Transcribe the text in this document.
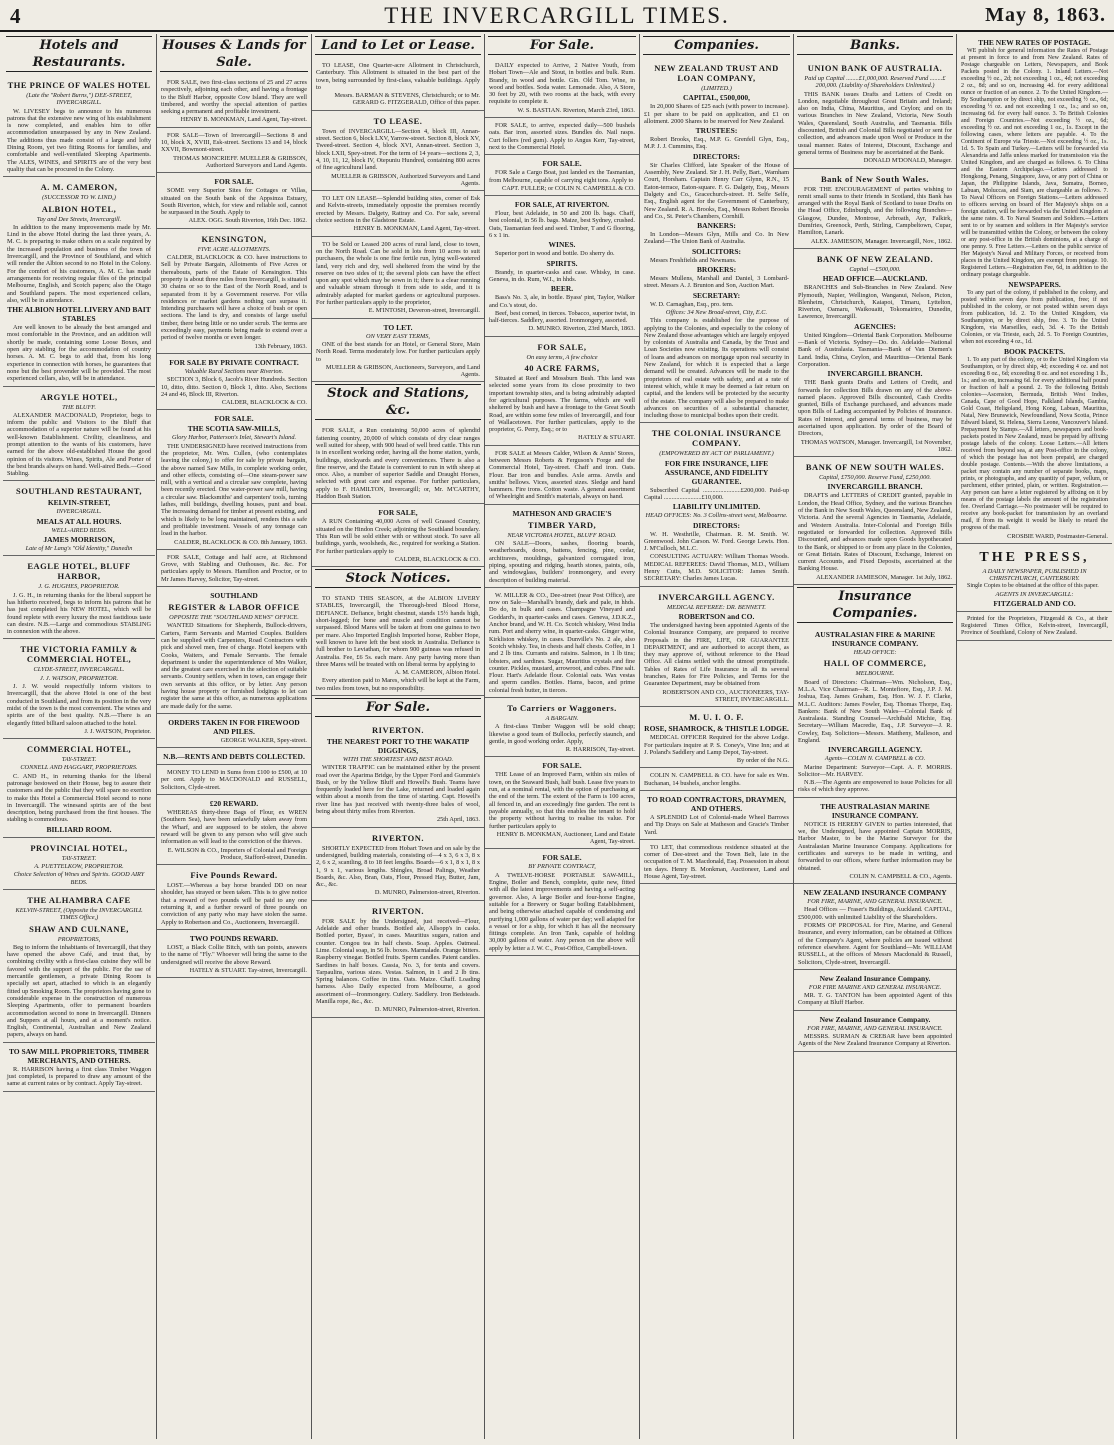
4	THE INVERCARGILL TIMES.	May 8, 1863.
Hotels and Restaurants.
THE PRINCE OF WALES HOTEL
(Late the "Robert Burns,") DEE-STREET, INVERCARGILL.
W. LIVESEY begs to announce to his numerous patrons that the extensive new wing of his establishment is now completed, and enables him to offer accommodation unsurpassed by any in New Zealand. The additions thus made consist of a large and lofty Dining Room, yet two fitting Rooms for families, and comfortable and well-ventilated Sleeping Apartments. The ALES, WINES, and SPIRITS are of the very best quality that can be procured in the Colony.
A. M. CAMERON,
(SUCCESSOR TO W. LIND,)
ALBION HOTEL,
Tay and Dee Streets, Invercargill.
In addition to the many improvements made by Mr. Lind in the above Hotel during the last three years, A. M. C. is preparing to make others on a scale required by the increased population and business of the town of Invercargill, and the Province of Southland, and which will render the Albion second to no Hotel in the Colony. For the comfort of his customers, A. M. C. has made arrangements for receiving regular files of the principal Melbourne, English, and Scotch papers; also the Otago and Southland papers. The most experienced cellars, also, will be in attendance.
THE ALBION HOTEL LIVERY AND BAIT STABLES
Are well known to be already the best arranged and most comfortable in the Province, and an addition will shortly be made, containing some Loose Boxes, and open airy stabling for the accommodation of country horses. A. M. C. begs to add that, from his long experience in connection with horses, he guarantees that none but the best provender will be provided. The most experienced cellars, also, will be in attendance.
ARGYLE HOTEL,
THE BLUFF.
ALEXANDER MACDONALD, Proprietor, begs to inform the public and Visitors to the Bluff that accommodation of a superior nature will be found at his well-known Establishment. Civility, cleanliness, and prompt attention to the wants of his customers, have earned for the above old-established House the good opinion of its visitors. Wines, Spirits, Ale and Porter of the best brands always on hand. Well-aired Beds.—Good Stabling.
SOUTHLAND RESTAURANT,
KELVIN-STREET,
INVERCARGILL.
MEALS AT ALL HOURS.
WELL-AIRED BEDS.
JAMES MORRISON,
Late of Mr Lang's "Old Identity," Dunedin
EAGLE HOTEL, BLUFF HARBOR,
J. G. HUGHES, PROPRIETOR.
J. G. H., in returning thanks for the liberal support he has hitherto received, begs to inform his patrons that he has just completed his NEW HOTEL, which will be found replete with every luxury the most fastidious taste can desire. N.B.—Large and commodious STABLING in connexion with the above.
THE VICTORIA FAMILY & COMMERCIAL HOTEL,
CLYDE-STREET, INVERCARGILL.
J. J. WATSON, PROPRIETOR.
J. J. W. would respectfully inform visitors to Invercargill, that the above Hotel is one of the best conducted in Southland, and from its position in the very midst of the town is the most convenient. The wines and spirits are of the best quality. N.B.—There is an elegantly fitted billiard saloon attached to the hotel.
J. J. WATSON, Proprietor.
COMMERCIAL HOTEL,
TAY-STREET.
CONNELL AND HAGGART, PROPRIETORS.
C. AND H., in returning thanks for the liberal patronage bestowed on their House, beg to assure their customers and the public that they will spare no exertion to make this Hotel a Commercial Hotel second to none in Invercargill. The winesand spirits are of the best description, being purchased from the first houses. The stabling is commodious.
BILLIARD ROOM.
PROVINCIAL HOTEL,
TAY-STREET.
A. PUETTELKOW, PROPRIETOR.
Choice Selection of Wines and Spirits. GOOD AIRY BEDS.
THE ALHAMBRA CAFE
KELVIN-STREET, (Opposite the INVERCARGILL TIMES Office,)
SHAW AND CULNANE,
PROPRIETORS,
Beg to inform the inhabitants of Invercargill, that they have opened the above Café, and trust that, by combining civility with a first-class cuisine they will be favored with the support of the public. For the use of mercantile gentlemen, a private Dining Room is specially set apart, attached to which is an elegantly fitted up Smoking Room. The proprietors having gone to considerable expense in the construction of numerous Sleeping Apartments, offer to permanent boarders accommodation second to none in Invercargill. Dinners and Suppers at all hours, and at a moment's notice. English, Continental, Australian and New Zealand papers, always on hand.
TO SAW MILL PROPRIETORS, TIMBER MERCHANTS, AND OTHERS.
R. HARRISON having a first class Timber Waggon just completed, is prepared to draw any amount of the same at current rates or by contract. Apply Tay-street.
Houses & Lands for Sale.
FOR SALE, two first-class sections of 25 and 27 acres respectively, adjoining each other, and having a frontage to the Bluff Harbor, opposite Cow Island. They are well timbered, and worthy the special attention of parties seeking a permanent and profitable investment.
HENRY B. MONKMAN, Land Agent, Tay-street.
FOR SALE—Town of Invercargill—Sections 8 and 10, block X, XVIII, Esk-street. Sections 13 and 14, block XXVII, Bowmont-street.
THOMAS MONCRIEFF. MUELLER & GRIBSON, Authorized Surveyors and Land Agents.
FOR SALE.
SOME very Superior Sites for Cottages or Villas, situated on the South bank of the Appsinza Estuary, South Riverton, which, for view and reliable soil, cannot be surpassed in the South. Apply to
ALEX. OGG. South Riverton, 16th Dec. 1862.
KENSINGTON,
FIVE ACRE ALLOTMENTS.
CALDER, BLACKLOCK & CO. have instructions to Sell by Private Bargain, Allotments of Five Acres or thereabouts, parts of the Estate of Kensington. This property is about three miles from Invercargill, is situated 30 chains or so to the East of the North Road, and is separated from it by a Government reserve. For villa residences or market gardens nothing can surpass it. Intending purchasers will have a choice of bush or open sections. The land is dry, and consists of large useful timber, there being little or no under scrub. The terms are exceedingly easy, payments being made to extend over a period of twelve months or even longer.
13th February, 1863.
FOR SALE BY PRIVATE CONTRACT.
Valuable Rural Sections near Riverton.
SECTION 3, Block 6, Jacob's River Hundreds. Section 10, ditto, ditto. Section 0, Block 1, ditto. Also, Sections 24 and 46, Block III, Riverton.
CALDER, BLACKLOCK & CO.
FOR SALE.
THE SCOTIA SAW-MILLS,
Glory Harbor, Patterson's Inlet, Stewart's Island.
THE UNDERSIGNED have received instructions from the proprietor, Mr. Wm. Cullen, (who contemplates leaving the colony,) to offer for sale by private bargain, the above named Saw Mills, in complete working order, and other effects, consisting of—One steam-power saw mill, with a vertical and a circular saw complete, having been recently erected. One water-power saw mill, having a circular saw. Blacksmiths' and carpenters' tools, turning lathes, mill buildings, dwelling houses, punt and boat. The increasing demand for timber at present existing, and which is likely to be long maintained, renders this a safe and profitable investment. Vessels of any tonnage can load in the harbor.
CALDER, BLACKLOCK & CO. 8th January, 1863.
FOR SALE, Cottage and half acre, at Richmond Grove, with Stabling and Outhouses, &c. &c. For particulars apply to Messrs. Hamilton and Proctor, or to Mr James Harvey, Solicitor, Tay-street.
SOUTHLAND
REGISTER & LABOR OFFICE
OPPOSITE THE "SOUTHLAND NEWS" OFFICE.
WANTED Situations for Shepherds, Bullock-drivers, Carters, Farm Servants and Married Couples. Builders can be supplied with Carpenters, Road Contractors with pick and shovel men, free of charge. Hotel keepers with Cooks, Waiters, and Female Servants. The female department is under the superintendence of Mrs Walker, and the greatest care exercised in the selection of suitable servants. Country settlers, when in town, can engage their own servants at this office, or by letter. Any person having house property or furnished lodgings to let can register the same at this office, as numerous applications are made daily for the same.
ORDERS TAKEN IN FOR FIREWOOD AND PILES.
GEORGE WALKER, Spey-street.
N.B.—RENTS AND DEBTS COLLECTED.
MONEY TO LEND in Sums from £100 to £500, at 10 per cent. Apply to MACDONALD and RUSSELL, Solicitors, Clyde-street.
£20 REWARD.
WHEREAS thirty-three Bags of Flour, ex WREN (Southern Sea), have been unlawfully taken away from the Wharf, and are supposed to be stolen, the above reward will be given to any person who will give such information as will lead to the conviction of the thieves.
E. WILSON & CO., Importers of Colonial and Foreign Produce, Stafford-street, Dunedin.
Five Pounds Reward.
LOST.—Whereas a bay horse branded DD on near shoulder, has strayed or been taken. This is to give notice that a reward of two pounds will be paid to any one returning it, and a further reward of three pounds on conviction of any party who may have stolen the same. Apply to Robertson and Co., Auctioneers, Invercargill.
TWO POUNDS REWARD.
LOST, a Black Collie Bitch, with tan points, answers to the name of "Fly." Whoever will bring the same to the undersigned will receive the above Reward.
HATELY & STUART. Tay-street, Invercargill.
Land to Let or Lease.
TO LEASE, One Quarter-acre Allotment in Christchurch, Canterbury. This Allotment is situated in the best part of the town, being surrounded by first-class, valuable buildings. Apply to
Messrs. BARMAN & STEVENS, Christchurch; or to Mr. GERARD G. FITZGERALD, Office of this paper.
TO LEASE.
Town of INVERCARGILL—Section 4, block III, Annan-street. Section 6, block LXV, Yarrow-street. Section 8, block XV, Tweed-street. Section 4, block XVI, Annan-street. Section 3, block LXII, Spey-street. For the term of 14 years—sections 2, 3, 4, 10, 11, 12, block IV, Otepuniu Hundred, containing 800 acres of fine agricultural land.
MUELLER & GRIBSON, Authorized Surveyors and Land Agents.
TO LET ON LEASE—Splendid building sites, corner of Esk and Kelvin-streets, immediately opposite the premises recently erected by Messrs. Dalgety, Rattray and Co. For sale, several choice sections in the Gladstone Estate.
HENRY B. MONKMAN, Land Agent, Tay-street.
TO be Sold or Leased 200 acres of rural land, close to town, on the North Road. Can be sold in lots from 10 acres to suit purchasers, the whole is one fine fertile run, lying well-watered land, very rich and dry, well sheltered from the wind by the reserve on two sides of it; the several plots can have the effect upon any spot which may be sown in it; there is a clear running and valuable stream through it from side to side, and it is admirably adapted for market gardens or agricultural purposes. For further particulars apply to the proprietor,
E. M'INTOSH, Deveron-street, Invercargill.
TO LET.
ON VERY EASY TERMS,
ONE of the best stands for an Hotel, or General Store, Main North Road. Terms moderately low. For further particulars apply to
MUELLER & GRIBSON, Auctioneers, Surveyors, and Land Agents.
Stock and Stations, &c.
FOR SALE, a Run containing 50,000 acres of splendid fattening country, 20,000 of which consists of dry clear ranges well suited for sheep, with 900 head of well bred cattle. This run is in excellent working order, having all the home station, yards, buildings, stockyards and every conveniences. There is also a fine reserve, and the Estate is convenient to run in with sheep at once. Also, a number of superior Saddle and Draught Horses, selected with great care and expense. For further particulars, apply to F. HAMILTON, Invercargill; or, Mr. M'CARTHY, Haddon Bush Station.
FOR SALE,
A RUN Containing 40,000 Acres of well Grassed Country, situated on the Hindon Creek; adjoining the Southland boundary. This Run will be sold either with or without stock. To save all buildings, yards, woolsheds, &c., required for working a Station. For further particulars apply to
CALDER, BLACKLOCK & CO.
Stock Notices.
TO STAND THIS SEASON, at the ALBION LIVERY STABLES, Invercargill, the Thorough-bred Blood Horse, DEFIANCE. Defiance, bright chestnut, stands 15½ hands high, short-legged; for bone and muscle and condition cannot be surpassed. Blood Mares will be taken at from one guinea to two per mare. Also Imported English Imported horse, Rubber Hope, well known to have left the best stock in Australia. Defiance is full brother to Leviathan, for whom 900 guineas was refused in Australia. Fee, £6 5s. each mare. Any party having more than three Mares will be treated with on liberal terms by applying to
A. M. CAMERON, Albion Hotel.
Every attention paid to Mares, which will be kept at the Farm, two miles from town, but no responsibility.
For Sale.
RIVERTON.
THE NEAREST PORT TO THE WAKATIP DIGGINGS,
WITH THE SHORTEST AND BEST ROAD.
WINTER TRAFFIC can be maintained either by the present road over the Aparima Bridge, by the Upper Ford and Gummie's Bush, or by the Yellow Bluff and Howell's Bush. Teams have frequently loaded here for the Lake, returned and loaded again within about a month from the time of starting. Capt. Howell's river line has just received with twenty-three bales of wool, being about thirty miles from Riverton.
25th April, 1863.
RIVERTON.
SHORTLY EXPECTED from Hobart Town and on sale by the undersigned, building materials, consisting of—4 x 3, 6 x 3, 8 x 2, 6 x 2, scantling, 8 to 18 feet lengths. Boards—6 x 1, 8 x 1, 8 x 1, 9 x 1, various lengths. Shingles, Broad Palings, Weather Boards, &c. Also, Bran, Oats, Flour, Pressed Hay, Butter, Jam, &c., &c.
D. MUNRO, Palmerston-street, Riverton.
RIVERTON.
FOR SALE by the Undersigned, just received—Flour, Adelaide and other brands. Bottled ale, Allsopp's in casks. Bottled porter, Byass', in cases. Mauritius sugars, ration and counter. Congou tea in half chests. Soap. Apples. Oatmeal. Lime. Colonial soap, in 56 lb. boxes. Marmalade. Orange bitters. Raspberry vinegar. Bottled fruits. Sperm candles. Patent candles. Sardines in half boxes. Cassia, No. 3, for tents and covers. Tarpaulins, various sizes. Vestas. Salmon, in 1 and 2 lb tins. Spring balances. Coffee in tins. Oats. Maize. Chaff. Loading harness. Also Daily expected from Melbourne, a good assortment of—Ironmongery. Cutlery. Saddlery. Iron Bedsteads. Manilla rope, &c., &c.
D. MUNRO, Palmerston-street, Riverton.
For Sale.
DAILY expected to Arrive, 2 Native Youth, from Hobart Town—Ale and Stout, in bottles and bulk. Rum. Brandy, in wood and bottle. Gin. Old Tom. Wine, in wood and bottles. Soda water. Lemonade. Also, A Store, 30 feet by 20, with two rooms at the back, with every requisite to complete it.
W. S. BASTIAN. Riverton, March 23rd, 1863.
FOR SALE, to arrive, expected daily—500 bushels oats. Bar iron, assorted sizes. Bundles do. Nail rasps. Curt follers (red gum). Apply to Angus Kerr, Tay-street, next to the Commercial Hotel.
FOR SALE.
FOR Sale a Cargo Boat, just landed ex the Tasmanian, from Melbourne, capable of carrying eight tons. Apply to
CAPT. FULLER; or COLIN N. CAMPBELL & CO.
FOR SALE, AT RIVERTON.
Flour, best Adelaide, in 50 and 200 lb. bags. Chaff, best colonial, in 56 lb. bags. Maize, best Sydney, crushed. Oats, Tasmanian feed and seed. Timber, T and G flooring, 6 x 1 in.
WINES.
Superior port in wood and bottle. Do sherry do.
SPIRITS.
Brandy, in quarter-casks and case. Whisky, in case. Geneva, in do. Rum, W.I., in hhds.
BEER.
Bass's No. 3, ale, in bottle. Byass' pint, Taylor, Walker and Co.'s stout, do.
Beef, best corned, in tierces. Tobacco, superior twist, in half-tierces. Saddlery, assorted. Ironmongery, assorted.
D. MUNRO. Riverton, 23rd March, 1863.
FOR SALE,
On easy terms, A few choice
40 ACRE FARMS,
Situated at Reef and Mossburn Bush. This land was selected some years from its close proximity to two important township sites, and is being admirably adapted for agricultural purposes. The farms, which are well sheltered by bush and have a frontage to the Great South Road, are within some few miles of Invercargill, and four of Wallacetown. For further particulars, apply to the proprietor, G. Perry, Esq.; or to
HATELY & STUART.
FOR SALE at Messrs Calder, Wilson & Annis' Stores, between Messrs Roberts & Ferguson's Forge and the Commercial Hotel, Tay-street. Chaff and iron. Oats. Flour. Bar iron and bundles. Axle arms. Anvils and smiths' bellows. Vices, assorted sizes. Sledge and hand hammers. Fire irons. Cotton waste. A general assortment of Wheelright and Smith's materials, always on hand.
MATHESON AND GRACIE'S
TIMBER YARD,
NEAR VICTORIA HOTEL, BLUFF ROAD.
ON SALE—Doors, sashes, flooring boards, weatherboards, doors, battens, fencing, pine, cedar, architraves, mouldings, galvanized corrugated iron, piping, spouting and ridging, hearth stones, paints, oils, and windowglass, builders' ironmongery, and every description of building material.
W. MILLER & CO., Dee-street (near Post Office), are now on Sale—Marshall's brandy, dark and pale, in hhds. Do do, in bulk and cases. Champagne Vineyard and Goddard's, in quarter-casks and cases. Geneva, J.D.K.Z., Anchor brand, and W. H. Co. Scotch whiskey, West India rum. Port and sherry wine, in quarter-casks. Ginger wine, Kirkliston whiskey, in cases. Dunville's No. 2 ale, also Scotch whisky. Tea, in chests and half chests. Coffee, in 1 and 2 lb tins. Currants and raisins. Salmon, in 1 lb tins; lobsters, and sardines. Sugar, Mauritius crystals and fine counter. Pickles, mustard, arrowroot, and cubes. Fine salt. Flour. Hart's Adelaide flour. Colonial oats. Wax vestas and sperm candles. Bottles. Hams, bacon, and prime colonial fresh butter, in tierces.
To Carriers or Waggoners.
A BARGAIN.
A first-class Timber Waggon will be sold cheap; likewise a good team of Bullocks, perfectly staunch, and gentle, in good working order. Apply,
R. HARRISON, Tay-street.
FOR SALE.
THE Lease of an Improved Farm, within six miles of town, on the Seaward Bush, half bush. Lease five years to run, at a nominal rental, with the option of purchasing at the end of the term. The extent of the Farm is 100 acres, all fenced in, and an exceedingly fine garden. The rent is payable annually, so that this enables the tenant to hold the property without having to realise its value. For further particulars apply to
HENRY B. MONKMAN, Auctioneer, Land and Estate Agent, Tay-street.
FOR SALE.
BY PRIVATE CONTRACT,
A TWELVE-HORSE PORTABLE SAW-MILL, Engine, Boiler and Bench, complete, quite new, fitted with all the latest improvements and having a self-acting governor. Also, A large Boiler and four-horse Engine, suitable for a Brewery or Sugar boiling Establishment, and being otherwise attached capable of condensing and purifying 1,000 gallons of water per day; well adapted for a vessel or for a ship, for which it has all the necessary fittings complete. An Iron Tank, capable of holding 30,000 gallons of water. Any person on the above will apply by letter a J. W. C., Post-Office, Campbell-town.
Companies.
NEW ZEALAND TRUST AND LOAN COMPANY,
(LIMITED.)
CAPITAL, £500,000,
In 20,000 Shares of £25 each (with power to increase). £1 per share to be paid on application, and £1 on allotment. 2000 Shares to be reserved for New Zealand.
TRUSTEES:
Robert Brooks, Esq., M.P. G. Grenfell Glyn, Esq., M.P. J. J. Cummins, Esq.
DIRECTORS:
Sir Charles Clifford, late Speaker of the House of Assembly, New Zealand. Sir J. H. Pelly, Bart., Warnham Court, Horsham. Captain Henry Carr Glynn, R.N., 15 Eaton-terrace, Eaton-square. F. G. Dalgety, Esq., Messrs Dalgety and Co., Gracechurch-street. H. Selfe Selfe, Esq., English agent for the Government of Canterbury, New Zealand. R. A. Brooks, Esq., Messrs Robert Brooks and Co., St. Peter's Chambers, Cornhill.
BANKERS:
In London—Messrs Glyn, Mills and Co. In New Zealand—The Union Bank of Australia.
SOLICITORS:
Messrs Freshfields and Newmans.
BROKERS:
Messrs Mullens, Marshall and Daniel, 3 Lombard-street. Messrs A. J. Brunton and Son, Auction Mart.
SECRETARY:
W. D. Carnaghan, Esq., pro. tem.
Offices: 34 New Broad-street, City, E.C.
This company is established for the purpose of applying to the Colonies, and especially to the colony of New Zealand those advantages which are largely enjoyed by colonists of Australia and Canada, by the Trust and Loan Societies now existing. Its operations will consist of loans and advances on mortgage upon real security in New Zealand, for which it is expected that a large demand will be created. Advances will be made to the proprietors of real estate with safety, and at a rate of interest which, while it may be deemed a fair return on capital, and the lenders will be protected by the security of the estate. The company will also be prepared to make advances on securities of a substantial character, including those to municipal bodies upon their credit.
THE COLONIAL INSURANCE COMPANY.
(EMPOWERED BY ACT OF PARLIAMENT.)
FOR FIRE INSURANCE, LIFE ASSURANCE, AND FIDELITY GUARANTEE.
Subscribed Capital ........................£200,000. Paid-up Capital ........................£10,000.
LIABILITY UNLIMITED.
HEAD OFFICES: No. 3 Collins-street west, Melbourne.
DIRECTORS:
W. H. Westhrille, Chairman. R. M. Smith. W. Greenwood. John Carson. W. Ford. George Lewis. Hon. J. M'Culloch, M.L.C.
CONSULTING ACTUARY: William Thomas Woods. MEDICAL REFEREES: David Thomas, M.D., William Henry Cutts, M.D. SOLICITOR: James Smith. SECRETARY: Charles James Lucas.
INVERCARGILL AGENCY.
MEDICAL REFEREE: DR. BENNETT.
ROBERTSON and CO.
The undersigned having been appointed Agents of the Colonial Insurance Company, are prepared to receive Proposals in the FIRE, LIFE, OR GUARANTEE DEPARTMENT, and are authorised to accept them, as they may approve of, without reference to the Head Office. All claims settled with the utmost promptitude. Tables of Rates of Life Insurance in all its several branches, Rates for Fire Policies, and Terms for the Guarantee Department, may be obtained from
ROBERTSON AND CO., AUCTIONEERS, TAY-STREET, INVERCARGILL.
M. U. I. O. F.
ROSE, SHAMROCK, & THISTLE LODGE.
MEDICAL OFFICER Required for the above Lodge. For particulars inquire at P. S. Coney's, Vine Inn; and at J. Poland's Saddlery and Lamp Depot, Tay-street.
By order of the N.G.
COLIN N. CAMPBELL & CO. have for sale ex Wm. Buchanan, 14 bushels, anchor lengths.
TO ROAD CONTRACTORS, DRAYMEN, AND OTHERS.
A SPLENDID Lot of Colonial-made Wheel Barrows and Tip Drays on Sale at Matheson and Gracie's Timber Yard.
TO LET, that commodious residence situated at the corner of Dee-street and the Town Belt, late in the occupation of T. M. Macdonald, Esq. Possession in about ten days. Henry B. Monkman, Auctioneer, Land and House Agent, Tay-street.
Banks.
UNION BANK OF AUSTRALIA.
Paid up Capital ........£1,000,000. Reserved Fund ........£ 200,000. (Liability of Shareholders Unlimited.)
THIS BANK issues Drafts and Letters of Credit on London, negotiable throughout Great Britain and Ireland; also on India, China, Mauritius, and Ceylon; and on its various Branches in New Zealand, Victoria, New South Wales, Queensland, South Australia, and Tasmania. Bills discounted, British and Colonial Bills negotiated or sent for collection, and advances made upon Wool or Produce in the usual manner. Rates of Interest, Discount, Exchange and general terms of Business may be ascertained at the Bank.
DONALD M'DONALD, Manager.
Bank of New South Wales.
FOR THE ENCOURAGEMENT of parties wishing to remit small sums to their friends in Scotland, this Bank has arranged with the Royal Bank of Scotland to issue Drafts on the Head Office, Edinburgh, and the following Branches—Glasgow, Dundee, Montrose, Arbroath, Ayr, Falkirk, Dumfries, Greenock, Perth, Stirling, Campbeltown, Cupar, Hamilton, Lanark.
ALEX. JAMIESON, Manager. Invercargill, Nov., 1862.
BANK OF NEW ZEALAND.
Capital —£500,000.
HEAD OFFICE—AUCKLAND.
BRANCHES and Sub-Branches in New Zealand. New Plymouth, Napier, Wellington, Wanganui, Nelson, Picton, Blenheim, Christchurch, Kaiapoi, Timaru, Lyttelton, Riverton, Oamaru, Waikouaiti, Tokomairiro, Dunedin, Lawrence, Invercargill.
AGENCIES:
United Kingdom—Oriental Bank Corporation. Melbourne—Bank of Victoria. Sydney—Do. do. Adelaide—National Bank of Australasia. Tasmania—Bank of Van Diemen's Land. India, China, Ceylon, and Mauritius—Oriental Bank Corporation.
INVERCARGILL BRANCH.
THE Bank grants Drafts and Letters of Credit, and forwards for collection Bills drawn on any of the above-named places. Approved Bills discounted, Cash Credits granted, Bills of Exchange purchased, and advances made upon Bills of Lading accompanied by Policies of Insurance. Rates of Interest, and general terms of business, may be ascertained upon application. By order of the Board of Directors,
THOMAS WATSON, Manager. Invercargill, 1st November, 1862.
BANK OF NEW SOUTH WALES.
Capital, £750,000. Reserve Fund, £250,000.
INVERCARGILL BRANCH.
DRAFTS and LETTERS of CREDIT granted, payable in London, the Head Office, Sydney, and the various Branches of the Bank in New South Wales, Queensland, New Zealand, Victoria. And the several Agencies in Tasmania, Adelaide, and Western Australia. Inter-Colonial and Foreign Bills negotiated or forwarded for collection. Approved Bills Discounted, and advances made upon Goods hypothecated to the Bank, or shipped to or from any place in the Colonies, or Great Britain. Rates of Discount, Exchange, Interest on current Accounts, and Fixed Deposits, ascertained at the Banking House.
ALEXANDER JAMIESON, Manager. 1st July, 1862.
Insurance Companies.
AUSTRALASIAN FIRE & MARINE INSURANCE COMPANY.
HEAD OFFICE:
HALL OF COMMERCE,
MELBOURNE.
Board of Directors: Chairman—Wm. Nicholson, Esq., M.L.A. Vice Chairman—R. L. Montefiore, Esq., J.P. J. M. Joshua, Esq. James Graham, Esq. Hon. W. J. F. Clarke, M.L.C. Auditors: James Fowler, Esq. Thomas Thorpe, Esq. Bankers: Bank of New South Wales—Colonial Bank of Australasia. Standing Counsel—Archibald Michie, Esq. Secretary—William Macredie, Esq., J.P. Surveyor—J. R. Cowley, Esq. Solicitors—Messrs. Mattheny, Malleson, and England.
INVERCARGILL AGENCY.
Agents—COLIN N. CAMPBELL & CO.
Marine Department: Surveyor—Capt. A. F. MORRIS. Solicitor—Mr. HARVEY.
N.B.—The Agents are empowered to issue Policies for all risks of which they approve.
THE AUSTRALASIAN MARINE INSURANCE COMPANY.
NOTICE IS HEREBY GIVEN to parties interested, that we, the Undersigned, have appointed Captain MORRIS, Harbor Master, to be the Marine Surveyor for the Australasian Marine Insurance Company. Applications for certificates and surveys to be made in writing, and forwarded to our offices, where further information may be obtained.
COLIN N. CAMPBELL & CO., Agents.
NEW ZEALAND INSURANCE COMPANY
FOR FIRE, MARINE, AND GENERAL INSURANCE.
Head Offices — Fraser's Buildings, Auckland. CAPITAL, £500,000. with unlimited Liability of the Shareholders.
FORMS OF PROPOSAL for Fire, Marine, and General Insurance, and every information, can be obtained at Offices of the Company's Agent, where policies are issued without reference elsewhere. Agent for Southland—Mr. WILLIAM RUSSELL, at the offices of Messrs Macdonald & Russell, Solicitors, Clyde-street, Invercargill.
New Zealand Insurance Company.
FOR FIRE MARINE AND GENERAL INSURANCE.
MR. T. G. TANTON has been appointed Agent of this Company at Bluff Harbor.
New Zealand Insurance Company.
FOR FIRE, MARINE, AND GENERAL INSURANCE.
MESSRS. SURMAN & CREBAR have been appointed Agents of the New Zealand Insurance Company at Riverton.
THE NEW RATES OF POSTAGE.
WE publish for general information the Rates of Postage at present in force to and from New Zealand. Rates of Postage chargeable on Letters, Newspapers, and Book Packets posted in the Colony. 1. Inland Letters.—Not exceeding ½ oz., 2d; not exceeding 1 oz., 4d; not exceeding 2 oz., 8d; and so on, increasing 4d. for every additional ounce or fraction of an ounce. 2. To the United Kingdom.—By Southampton or by direct ship, not exceeding ½ oz., 6d; exceeding ½ oz. and not exceeding 1 oz., 1s.; and so on, increasing 6d. for every half ounce. 3. To British Colonies and Foreign Countries.—Not exceeding ½ oz., 6d; exceeding ½ oz. and not exceeding 1 oz., 1s. Except in the following cases, where letters are payable. 4. To the Continent of Europe via Trieste.—Not exceeding ½ oz., 1s. 1d. 5. To Spain and Turkey.—Letters will be forwarded via Alexandria and Jaffa unless marked for transmission via the United Kingdom, and are charged as follows. 6. To China and the Eastern Archipelago.—Letters addressed to Hongkong, Penang, Singapore, Java, or any port of China or Japan, the Philippine Islands, Java, Sumatra, Borneo, Labuan, Moluccas, and Siam, are chargeable as follows. 7. To Naval Officers on Foreign Stations.—Letters addressed to officers serving on board of Her Majesty's ships on a foreign station, will be forwarded via the United Kingdom at the same rates. 8. To Naval Seamen and Soldiers.—Letters sent to or by seamen and soldiers in Her Majesty's service will be transmitted within the Colony, or between the colony or any post-office in the British dominions, at a charge of one penny. 9. Free Letters.—Letters on the public service of Her Majesty's Naval and Military Forces, or received from places in the United Kingdom, are exempt from postage. 10. Registered Letters.—Registration Fee, 6d, in addition to the ordinary postage chargeable.
NEWSPAPERS.
To any part of the colony, if published in the colony, and posted within seven days from publication, free; if not published in the colony, or not posted within seven days from publication, 1d. 2. To the United Kingdom, via Southampton, or by direct ship, free. 3. To the United Kingdom, via Marseilles, each, 3d. 4. To the British Colonies, or via Trieste, each, 2d. 5. To Foreign Countries, when not exceeding 4 oz., 1d.
BOOK PACKETS.
1. To any part of the colony, or to the United Kingdom via Southampton, or by direct ship, 4d; exceeding 4 oz. and not exceeding 8 oz., 6d; exceeding 8 oz. and not exceeding 1 lb., 1s.; and so on, increasing 6d. for every additional half pound or fraction of half a pound. 2. To the following British colonies—Ascension, Bermuda, British West Indies, Canada, Cape of Good Hope, Falkland Islands, Gambia, Gold Coast, Heligoland, Hong Kong, Labuan, Mauritius, Natal, New Brunswick, Newfoundland, Nova Scotia, Prince Edward Island, St. Helena, Sierra Leone, Vancouver's Island. Prepayment by Stamps.—All letters, newspapers and book-packets posted in New Zealand, must be prepaid by affixing postage labels of the colony. Loose Letters.—All letters received from beyond sea, at any Post-office in the colony, of which the postage has not been prepaid, are charged double postage. Contents.—With the above limitations, a packet may contain any number of separate books, maps, prints, or photographs, and any quantity of paper, vellum, or parchment, either printed, plain, or written. Registration.—Any person can have a letter registered by affixing on it by means of the postage labels the amount of the registration fee. Overland Carriage.—No postmaster will be required to receive any book-packet for transmission by an overland mail, if from its weight it would be likely to retard the progress of the mail.
CROSBIE WARD, Postmaster-General.
THE PRESS,
A DAILY NEWSPAPER, PUBLISHED IN CHRISTCHURCH, CANTERBURY.
Single Copies to be obtained at the office of this paper.
AGENTS IN INVERCARGILL:
FITZGERALD AND CO.
Printed for the Proprietors, Fitzgerald & Co., at their Registered Times Office, Kelvin-street, Invercargill, Province of Southland, Colony of New Zealand.
